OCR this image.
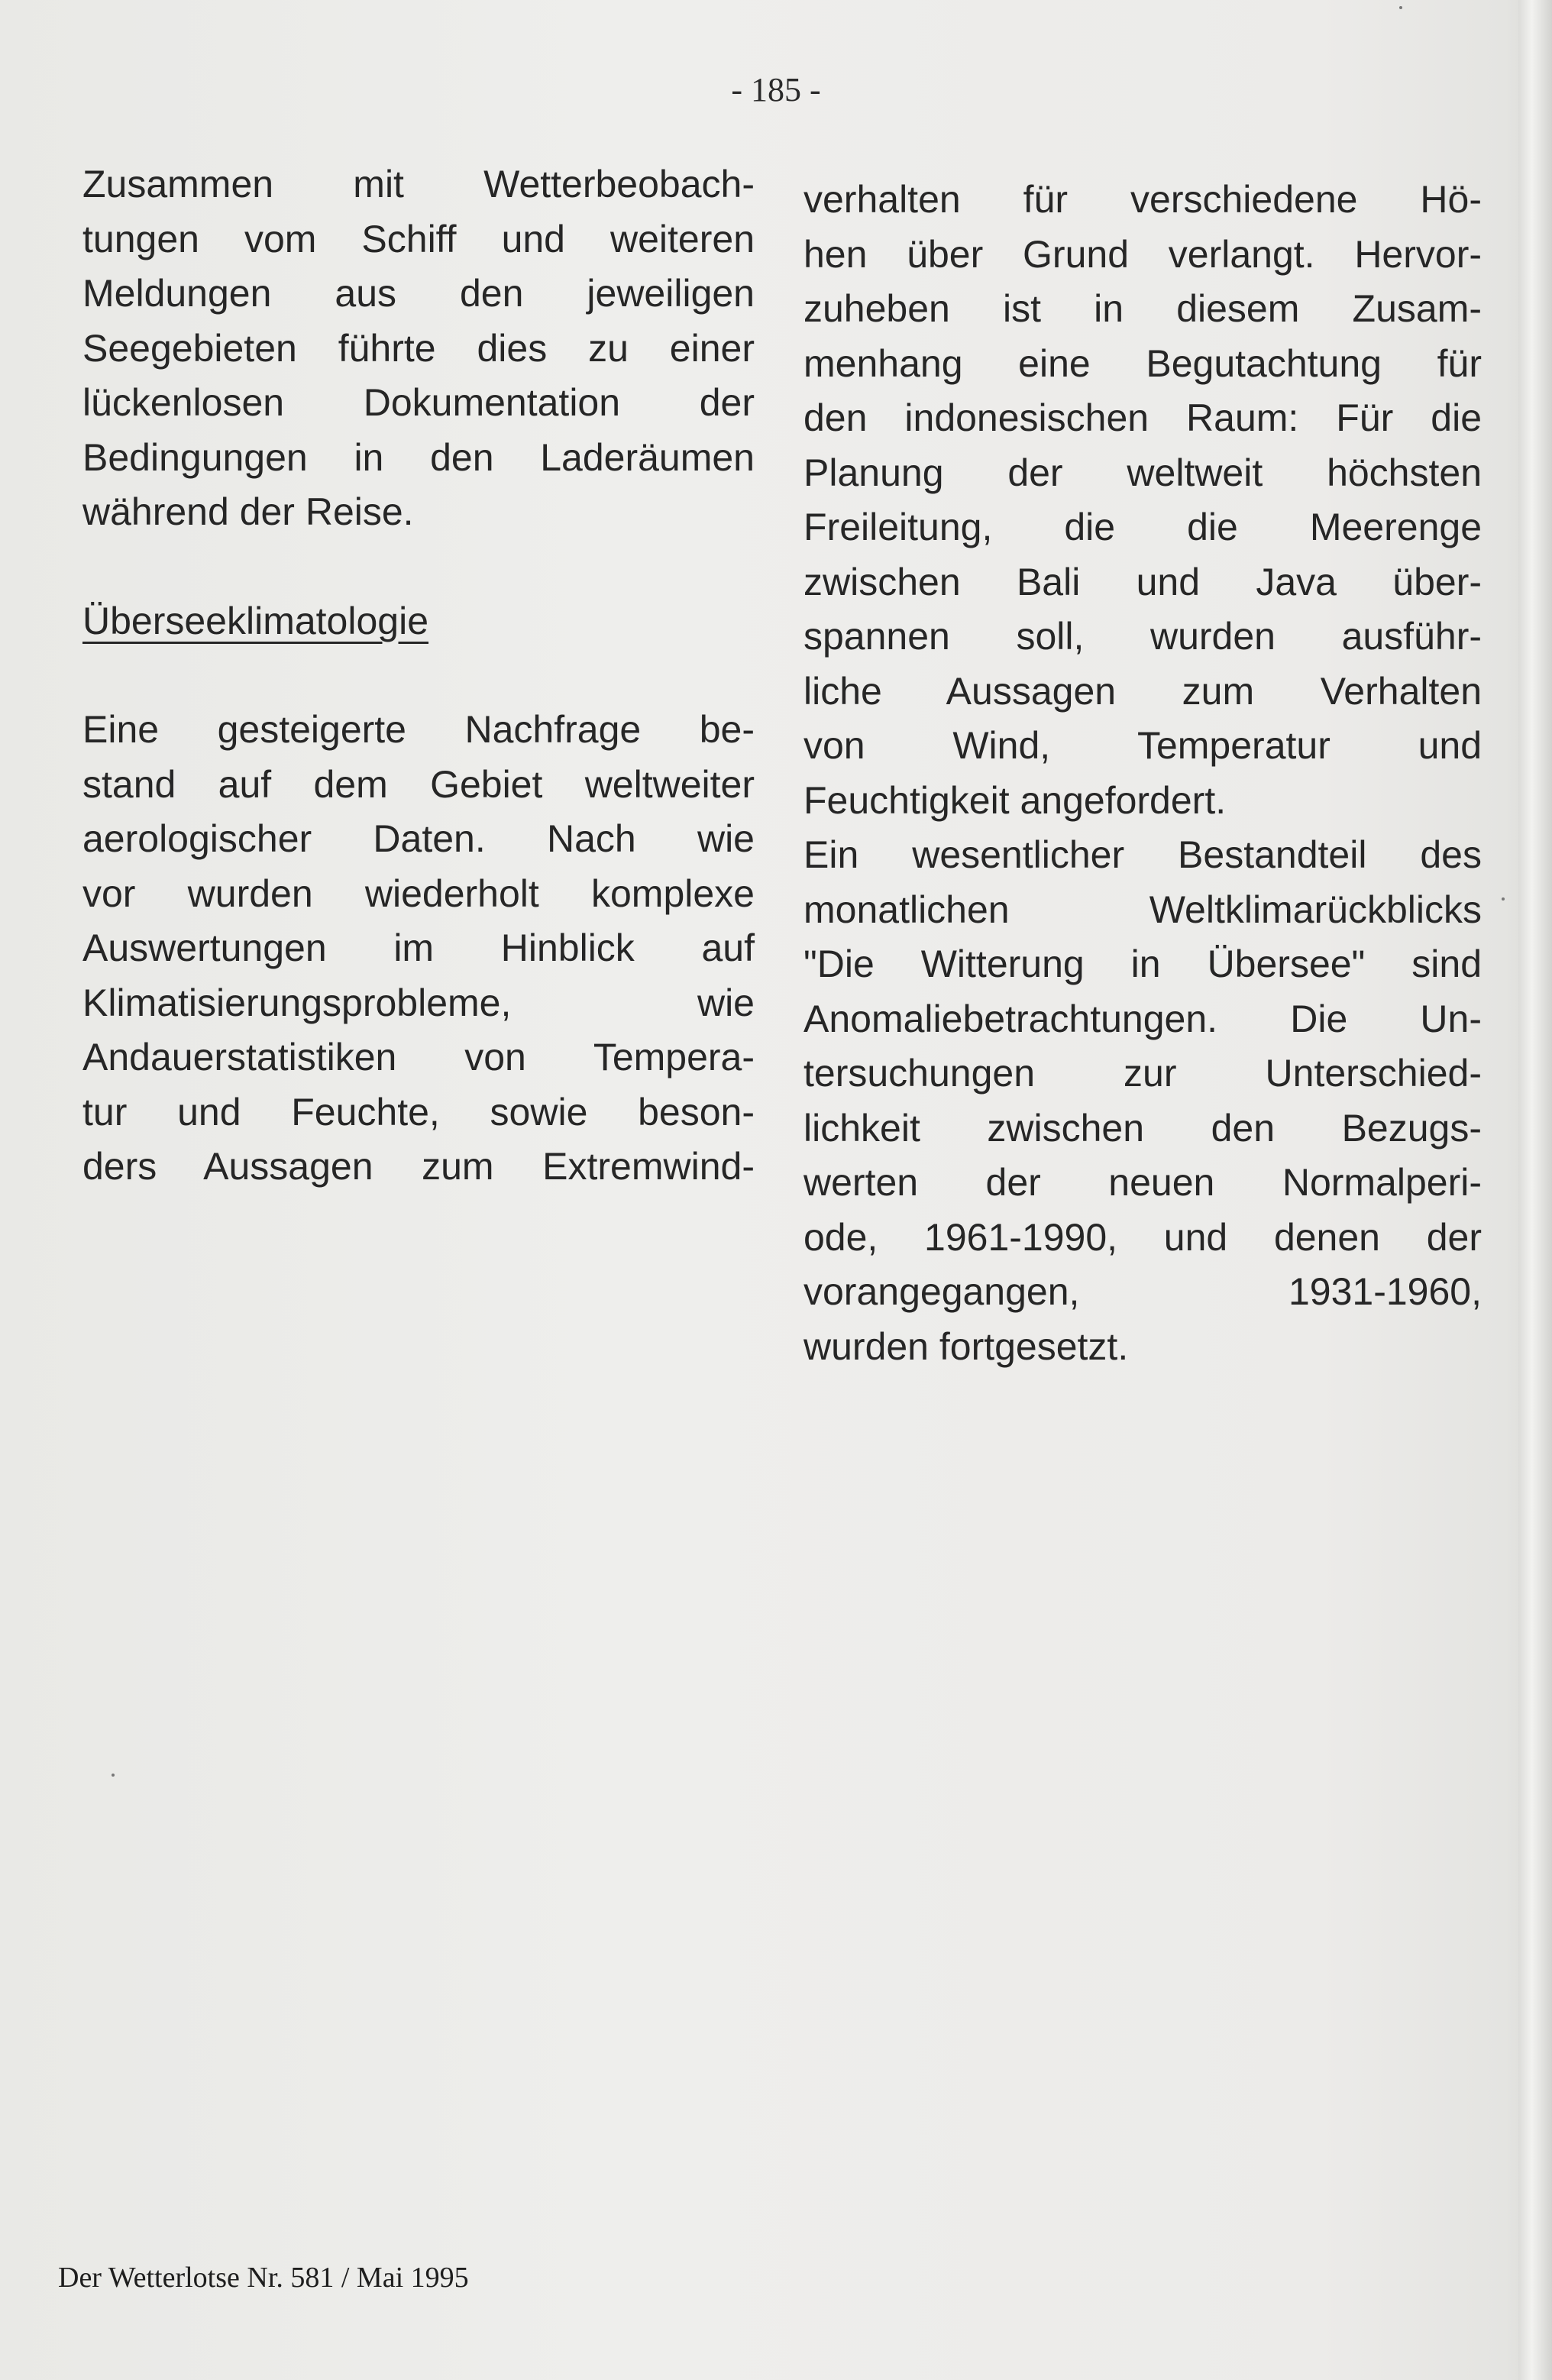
- 185 -
Zusammen mit Wetterbeobach-
tungen vom Schiff und weiteren
Meldungen aus den jeweiligen
Seegebieten führte dies zu einer
lückenlosen Dokumentation der
Bedingungen in den Laderäumen
während der Reise.
Überseeklimatologie
Eine gesteigerte Nachfrage be-
stand auf dem Gebiet weltweiter
aerologischer Daten. Nach wie
vor wurden wiederholt komplexe
Auswertungen im Hinblick auf
Klimatisierungsprobleme, wie
Andauerstatistiken von Tempera-
tur und Feuchte, sowie beson-
ders Aussagen zum Extremwind-
verhalten für verschiedene Hö-
hen über Grund verlangt. Hervor-
zuheben ist in diesem Zusam-
menhang eine Begutachtung für
den indonesischen Raum: Für die
Planung der weltweit höchsten
Freileitung, die die Meerenge
zwischen Bali und Java über-
spannen soll, wurden ausführ-
liche Aussagen zum Verhalten
von Wind, Temperatur und
Feuchtigkeit angefordert.
Ein wesentlicher Bestandteil des
monatlichen Weltklimarückblicks
"Die Witterung in Übersee" sind
Anomaliebetrachtungen. Die Un-
tersuchungen zur Unterschied-
lichkeit zwischen den Bezugs-
werten der neuen Normalperi-
ode, 1961-1990, und denen der
vorangegangen, 1931-1960,
wurden fortgesetzt.
Der Wetterlotse Nr. 581 / Mai 1995
